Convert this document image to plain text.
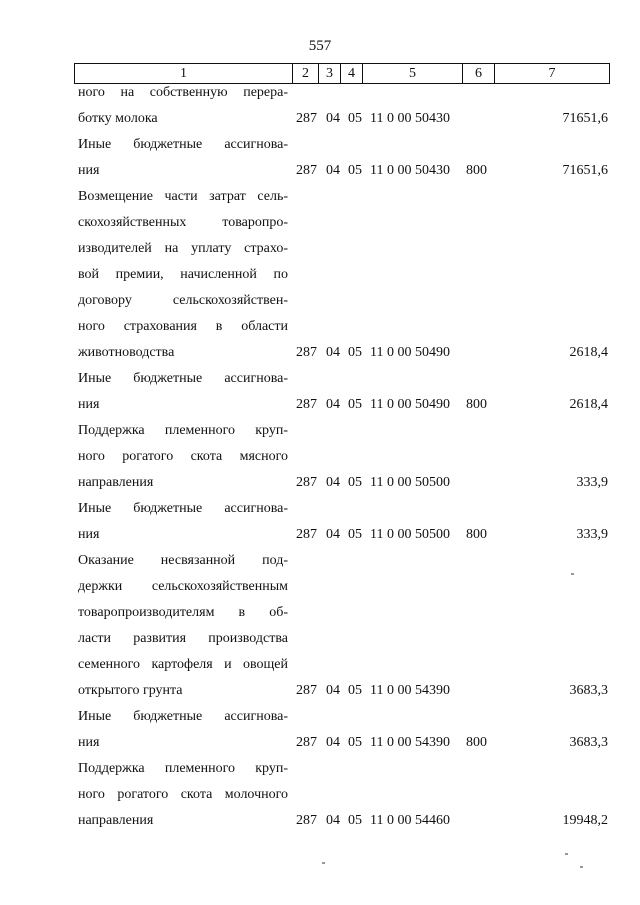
557
1	2	3	4	5	6	7
ного на собственную перера-
ботку молока	287 04 05 11 0 00 50430	71651,6
Иные бюджетные ассигнова-
ния	287 04 05 11 0 00 50430 800	71651,6
Возмещение части затрат сель-
скохозяйственных товаропро-
изводителей на уплату страхо-
вой премии, начисленной по
договору сельскохозяйствен-
ного страхования в области
животноводства	287 04 05 11 0 00 50490	2618,4
Иные бюджетные ассигнова-
ния	287 04 05 11 0 00 50490 800	2618,4
Поддержка племенного круп-
ного рогатого скота мясного
направления	287 04 05 11 0 00 50500	333,9
Иные бюджетные ассигнова-
ния	287 04 05 11 0 00 50500 800	333,9
Оказание несвязанной под-
держки сельскохозяйственным
товаропроизводителям в об-
ласти развития производства
семенного картофеля и овощей
открытого грунта	287 04 05 11 0 00 54390	3683,3
Иные бюджетные ассигнова-
ния	287 04 05 11 0 00 54390 800	3683,3
Поддержка племенного круп-
ного рогатого скота молочного
направления	287 04 05 11 0 00 54460	19948,2
